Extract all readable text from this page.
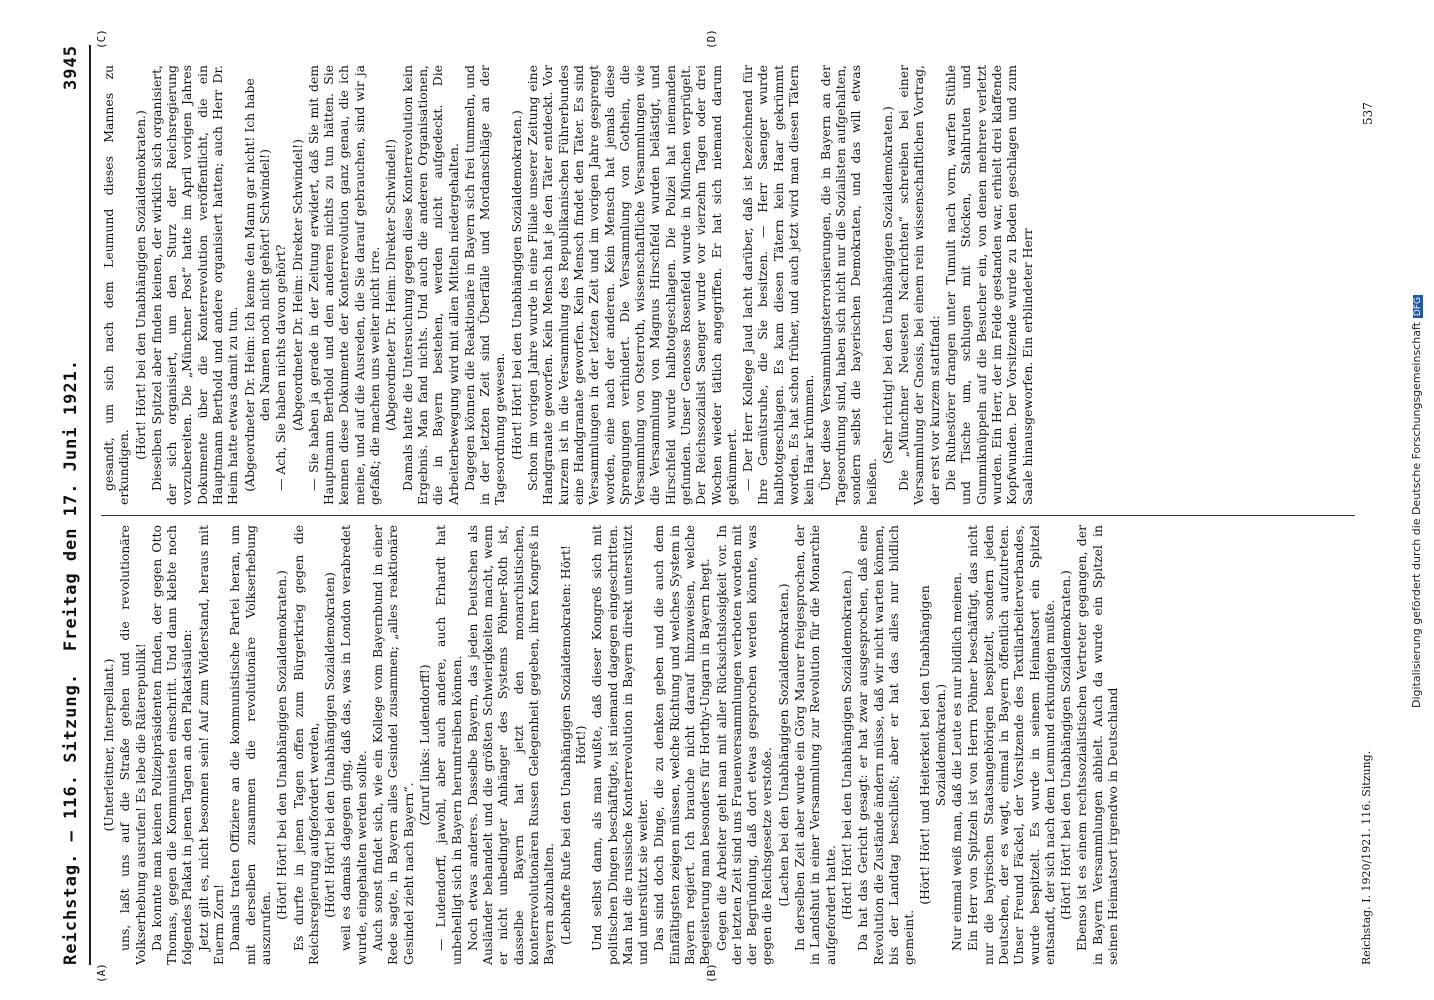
Reichstag. — 116. Sitzung.
Freitag den 17. Juni 1921.
3945
(A)	(B)
(C)	(D)

(Unterleitner, Interpellant.) uns, laßt uns auf die Straße gehen und die revolutionäre Volkserhebung ausrufen! Es lebe die Räterepublik! Da konnte man keinen Polizeipräsidenten finden, der gegen Otto Thomas, gegen die Kommunisten einschritt. Und dann klebte noch folgendes Plakat in jenen Tagen an den Plakatsäulen: Jetzt gilt es, nicht besonnen sein! Auf zum Widerstand, heraus mit Euerm Zorn! Damals traten Offiziere an die kommunistische Partei heran, um mit derselben zusammen die revolutionäre Volkserhebung auszurufen.

(Hört! Hört! bei den Unabhängigen Sozialdemokraten.) Es durfte in jenen Tagen offen zum Bürgerkrieg gegen die Reichsregierung aufgefordert werden, (Hört! Hört! bei den Unabhängigen Sozialdemokraten) weil es damals dagegen ging, daß das, was in London verabredet wurde, eingehalten werden sollte. Auch sonst findet sich, wie ein Kollege vom Bayernbund in einer Rede sagte, in Bayern alles Gesindel zusammen; „alles reaktionäre Gesindel zieht nach Bayern“.

(Zuruf links: Ludendorff!) — Ludendorff, jawohl, aber auch andere, auch Erhardt hat unbehelligt sich in Bayern herumtreiben können. Noch etwas anderes. Dasselbe Bayern, das jeden Deutschen als Ausländer behandelt und die größten Schwierigkeiten macht, wenn er nicht unbedingter Anhänger des Systems Pöhner-Roth ist, dasselbe Bayern hat jetzt den monarchistischen, konterrevolutionären Russen Gelegenheit gegeben, ihren Kongreß in Bayern abzuhalten. (Lebhafte Rufe bei den Unabhängigen Sozialdemokraten: Hört! Hört!) Und selbst dann, als man wußte, daß dieser Kongreß sich mit politischen Dingen beschäftigte, ist niemand dagegen eingeschritten. Man hat die russische Konterrevolution in Bayern direkt unterstützt und unterstützt sie weiter. Das sind doch Dinge, die zu denken geben und die auch dem Einfältigsten zeigen müssen, welche Richtung und welches System in Bayern regiert. Ich brauche nicht darauf hinzuweisen, welche Begeisterung man besonders für Horthy-Ungarn in Bayern hegt. Gegen die Arbeiter geht man mit aller Rücksichtslosigkeit vor. In der letzten Zeit sind uns Frauenversammlungen verboten worden mit der Begründung, daß dort etwas gesprochen werden könnte, was gegen die Reichsgesetze verstoße. (Lachen bei den Unabhängigen Sozialdemokraten.) In derselben Zeit aber wurde ein Görg Maurer freigesprochen, der in Landshut in einer Versammlung zur Revolution für die Monarchie aufgefordert hatte. (Hört! Hört! bei den Unabhängigen Sozialdemokraten.) Da hat das Gericht gesagt: er hat zwar ausgesprochen, daß eine Revolution die Zustände ändern müsse, daß wir nicht warten können, bis der Landtag beschließt; aber er hat das alles nur bildlich gemeint.

(Hört! Hört! und Heiterkeit bei den Unabhängigen Sozialdemokraten.) Nur einmal weiß man, daß die Leute es nur bildlich meinen. Ein Herr von Spitzeln ist von Herrn Pöhner beschäftigt, das nicht nur die bayrischen Staatsangehörigen bespitzelt, sondern jeden Deutschen, der es wagt, einmal in Bayern öffentlich aufzutreten. Unser Freund Fäckel, der Vorsitzende des Textilarbeiterverbandes, wurde bespitzelt. Es wurde in seinem Heimatsort ein Spitzel entsandt, der sich nach dem Leumund erkundigen mußte. (Hört! Hört! bei den Unabhängigen Sozialdemokraten.) Ebenso ist es einem rechtssozialistischen Vertreter gegangen, der in Bayern Versammlungen abhielt. Auch da wurde ein Spitzel in seinen Heimatsort irgendwo in Deutschland

gesandt, um sich nach dem Leumund dieses Mannes zu erkundigen.

(Hört! Hört! bei den Unabhängigen Sozialdemokraten.) Dieselben Spitzel aber finden keinen, der wirklich sich organisiert, der sich organisiert, um den Sturz der Reichsregierung vorzubereiten. Die „Münchner Post“ hatte im April vorigen Jahres Dokumente über die Konterrevolution veröffentlicht, die ein Hauptmann Berthold und andere organisiert hatten; auch Herr Dr. Heim hatte etwas damit zu tun. (Abgeordneter Dr. Heim: Ich kenne den Mann gar nicht! Ich habe den Namen noch nicht gehört! Schwindel!) — Ach, Sie haben nichts davon gehört? (Abgeordneter Dr. Heim: Direkter Schwindel!) — Sie haben ja gerade in der Zeitung erwidert, daß Sie mit dem Hauptmann Berthold und den anderen nichts zu tun hätten. Sie kennen diese Dokumente der Konterrevolution ganz genau, die ich meine, und auf die Ausreden, die Sie darauf gebrauchen, sind wir ja gefaßt; die machen uns weiter nicht irre. (Abgeordneter Dr. Heim: Direkter Schwindel!) Damals hatte die Untersuchung gegen diese Konterrevolution kein Ergebnis. Man fand nichts. Und auch die anderen Organisationen, die in Bayern bestehen, werden nicht aufgedeckt. Die Arbeiterbewegung wird mit allen Mitteln niedergehalten. Dagegen können die Reaktionäre in Bayern sich frei tummeln, und in der letzten Zeit sind Überfälle und Mordanschläge an der Tagesordnung gewesen. (Hört! Hört! bei den Unabhängigen Sozialdemokraten.) Schon im vorigen Jahre wurde in eine Filiale unserer Zeitung eine Handgranate geworfen. Kein Mensch hat je den Täter entdeckt. Vor kurzem ist in die Versammlung des Republikanischen Führerbundes eine Handgranate geworfen. Kein Mensch findet den Täter. Es sind Versammlungen in der letzten Zeit und im vorigen Jahre gesprengt worden, eine nach der anderen. Kein Mensch hat jemals diese Sprengungen verhindert. Die Versammlung von Gothein, die Versammlung von Osterroth, wissenschaftliche Versammlungen wie die Versammlung von Magnus Hirschfeld wurden belästigt, und Hirschfeld wurde halbtotgeschlagen. Die Polizei hat niemanden gefunden. Unser Genosse Rosenfeld wurde in München verprügelt. Der Reichssozialist Saenger wurde vor vierzehn Tagen oder drei Wochen wieder tätlich angegriffen. Er hat sich niemand darum gekümmert. — Der Herr Kollege Jaud lacht darüber, daß ist bezeichnend für Ihre Gemütsruhe, die Sie besitzen. — Herr Saenger wurde halbtotgeschlagen. Es kam diesen Tätern kein Haar gekrümmt worden. Es hat schon früher, und auch jetzt wird man diesen Tätern kein Haar krümmen. Über diese Versammlungsterrorisierungen, die in Bayern an der Tagesordnung sind, haben sich nicht nur die Sozialisten aufgehalten, sondern selbst die bayerischen Demokraten, und das will etwas heißen.

(Sehr richtig! bei den Unabhängigen Sozialdemokraten.) Die „Münchner Neuesten Nachrichten“ schreiben bei einer Versammlung der Gnosis, bei einem rein wissenschaftlichen Vortrag, der erst vor kurzem stattfand: Die Ruhestörer drangen unter Tumult nach vorn, warfen Stühle und Tische um, schlugen mit Stöcken, Stahlruten und Gummiknüppeln auf die Besucher ein, von denen mehrere verletzt wurden. Ein Herr, der im Felde gestanden war, erhielt drei klaffende Kopfwunden. Der Vorsitzende wurde zu Boden geschlagen und zum Saale hinausgeworfen. Ein erblindeter Herr

Reichstag. I. 1920/1921. 116. Sitzung.
537
Digitalisierung gefördert durch die Deutsche ForschungsgemeinschaftDFG
